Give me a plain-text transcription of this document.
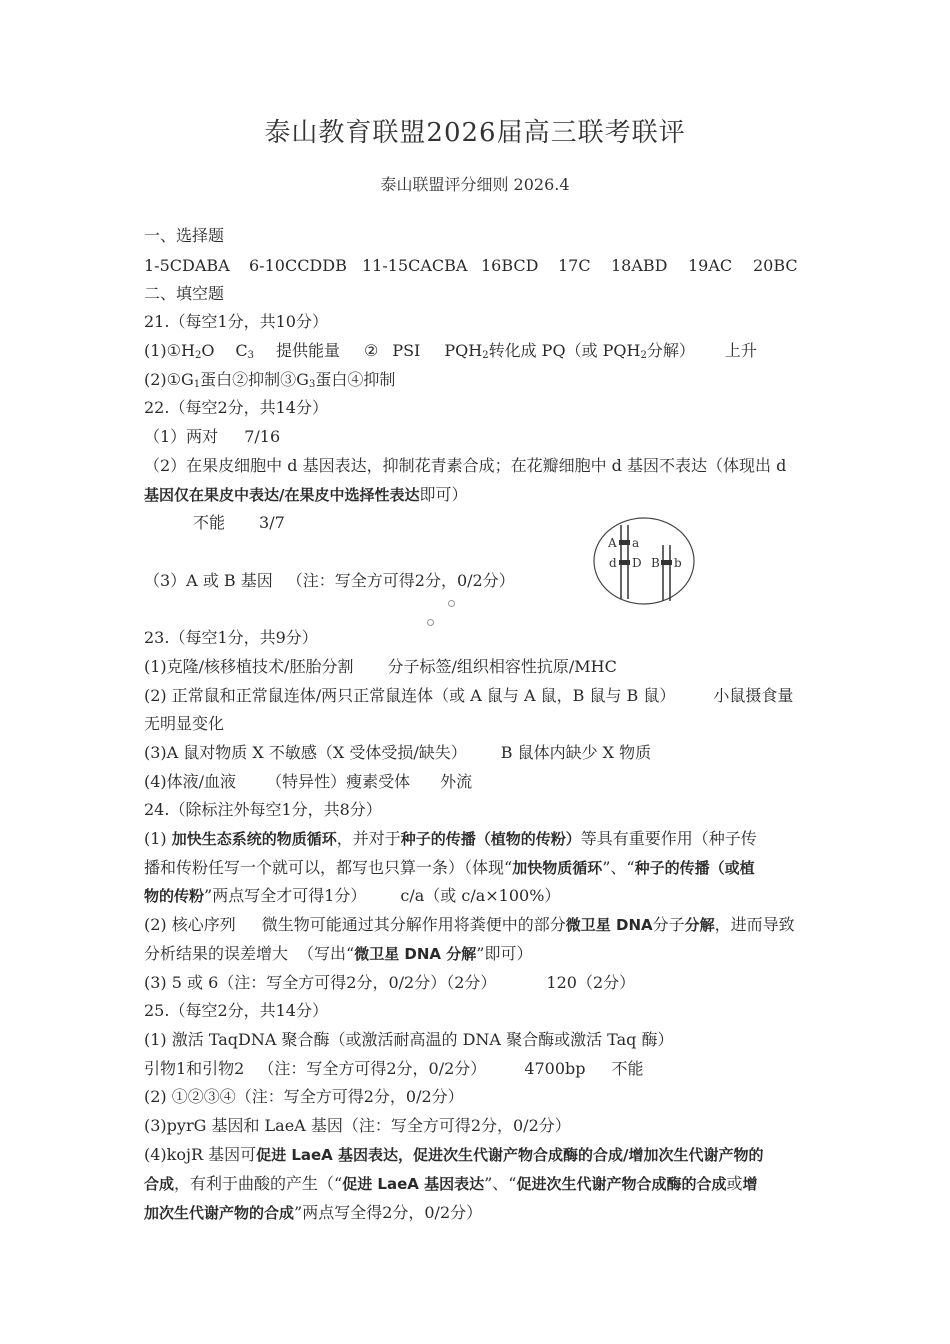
泰山教育联盟2026届高三联考联评
泰山联盟评分细则 2026.4
一、选择题
1-5CDABA 6-10CCDDB 11-15CACBA 16BCD 17C 18ABD 19AC 20BC
二、填空题
21.（每空1分，共10分）
$(1)①H_2O$ $C_3$ 提供能量 ② PSI $PQH_2$转化成 PQ（或 $PQH_2$分解） 上升
$(2)①G_1$蛋白②抑制$③G_3$蛋白④抑制
22.（每空2分，共14分）
（1）两对 7/16
（2）在果皮细胞中 d 基因表达，抑制花青素合成；在花瓣细胞中 d 基因不表达（体现出 d
基因仅在果皮中表达/在果皮中选择性表达即可）
不能 3/7
（3）A 或 B 基因 （注：写全方可得2分，0/2分）
A a
d D B b
23.（每空1分，共9分）
(1)克隆/核移植技术/胚胎分割 分子标签/组织相容性抗原/MHC
(2) 正常鼠和正常鼠连体/两只正常鼠连体（或 A 鼠与 A 鼠，B 鼠与 B 鼠） 小鼠摄食量
无明显变化
(3)A 鼠对物质 X 不敏感（X 受体受损/缺失） B 鼠体内缺少 X 物质
(4)体液/血液 （特异性）瘦素受体 外流
24.（除标注外每空1分，共8分）
(1) 加快生态系统的物质循环，并对于种子的传播（植物的传粉）等具有重要作用（种子传
播和传粉任写一个就可以，都写也只算一条）（体现“加快物质循环”、“种子的传播（或植
物的传粉”两点写全才可得1分） c/a（或 c/a×100%）
(2) 核心序列 微生物可能通过其分解作用将粪便中的部分微卫星 DNA分子分解，进而导致
分析结果的误差增大 （写出“微卫星 DNA 分解”即可）
(3) 5 或 6（注：写全方可得2分，0/2分）（2分）	120（2分）
25.（每空2分，共14分）
(1) 激活 TaqDNA 聚合酶（或激活耐高温的 DNA 聚合酶或激活 Taq 酶）
引物1和引物2 （注：写全方可得2分，0/2分） 4700bp 不能
(2) ①②③④（注：写全方可得2分，0/2分）
(3)pyrG 基因和 LaeA 基因（注：写全方可得2分，0/2分）
(4)kojR 基因可促进 LaeA 基因表达，促进次生代谢产物合成酶的合成/增加次生代谢产物的
合成，有利于曲酸的产生（“促进 LaeA 基因表达”、“促进次生代谢产物合成酶的合成或增
加次生代谢产物的合成”两点写全得2分，0/2分）
